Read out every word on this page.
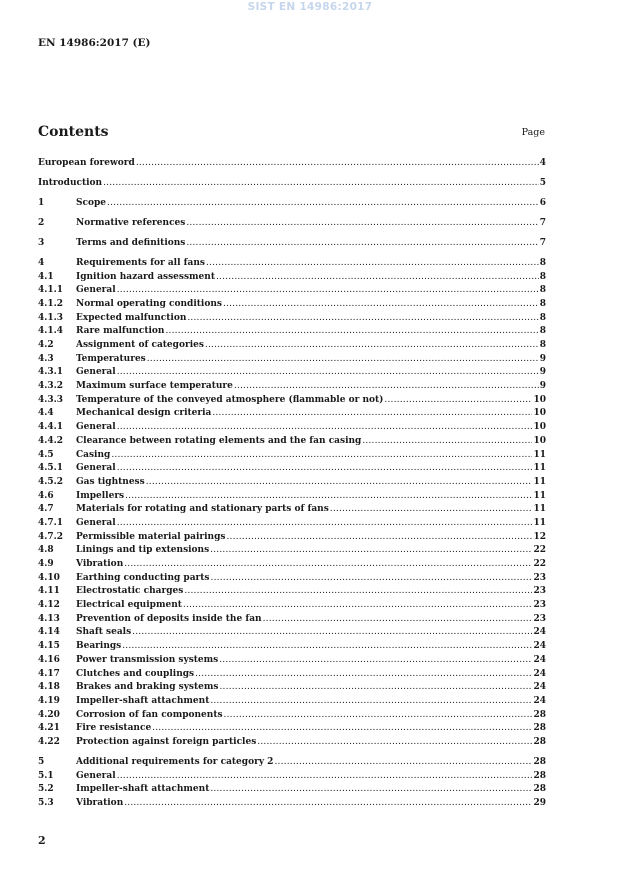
SIST EN 14986:2017
EN 14986:2017 (E)
Contents	Page
European foreword .....	4
Introduction .....	5
1	Scope .....	6
2	Normative references .....	7
3	Terms and definitions .....	7
4	Requirements for all fans .....	8
4.1	Ignition hazard assessment .....	8
4.1.1	General .....	8
4.1.2	Normal operating conditions .....	8
4.1.3	Expected malfunction .....	8
4.1.4	Rare malfunction .....	8
4.2	Assignment of categories .....	8
4.3	Temperatures .....	9
4.3.1	General .....	9
4.3.2	Maximum surface temperature .....	9
4.3.3	Temperature of the conveyed atmosphere (flammable or not) .....	10
4.4	Mechanical design criteria .....	10
4.4.1	General .....	10
4.4.2	Clearance between rotating elements and the fan casing .....	10
4.5	Casing .....	11
4.5.1	General .....	11
4.5.2	Gas tightness .....	11
4.6	Impellers .....	11
4.7	Materials for rotating and stationary parts of fans .....	11
4.7.1	General .....	11
4.7.2	Permissible material pairings .....	12
4.8	Linings and tip extensions .....	22
4.9	Vibration .....	22
4.10	Earthing conducting parts .....	23
4.11	Electrostatic charges .....	23
4.12	Electrical equipment .....	23
4.13	Prevention of deposits inside the fan .....	23
4.14	Shaft seals .....	24
4.15	Bearings .....	24
4.16	Power transmission systems .....	24
4.17	Clutches and couplings .....	24
4.18	Brakes and braking systems .....	24
4.19	Impeller-shaft attachment .....	24
4.20	Corrosion of fan components .....	28
4.21	Fire resistance .....	28
4.22	Protection against foreign particles .....	28
5	Additional requirements for category 2 .....	28
5.1	General .....	28
5.2	Impeller-shaft attachment .....	28
5.3	Vibration .....	29
2
